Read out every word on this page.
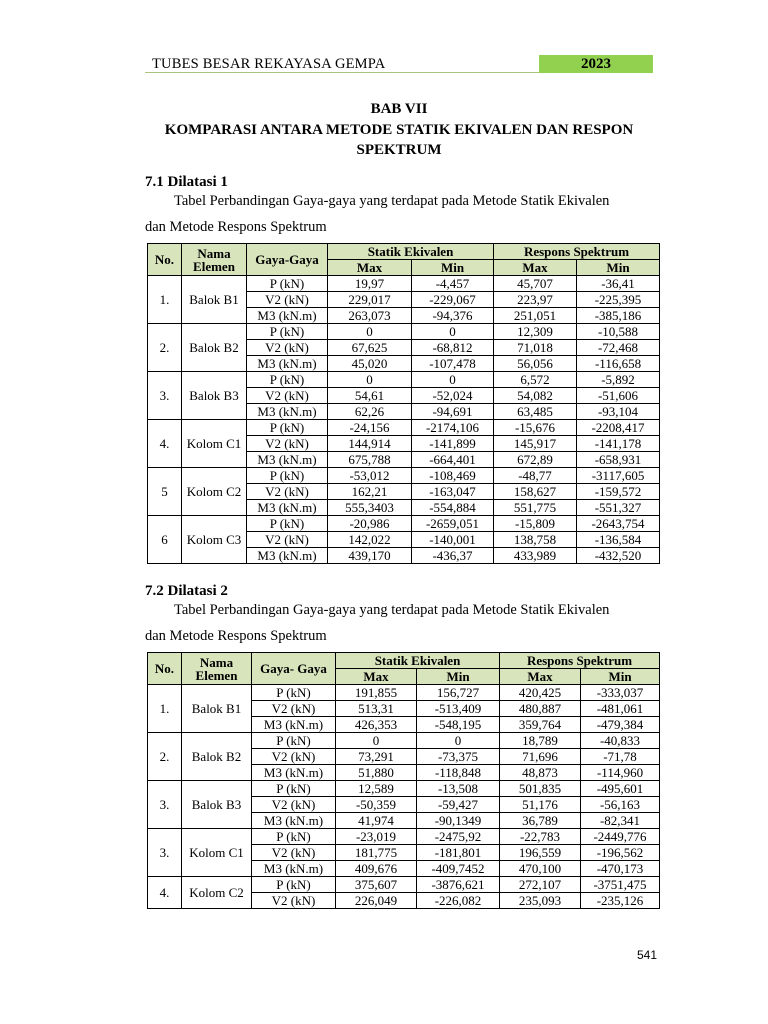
TUBES BESAR REKAYASA GEMPA	2023
BAB VII
KOMPARASI ANTARA METODE STATIK EKIVALEN DAN RESPON
SPEKTRUM
7.1 Dilatasi 1
Tabel Perbandingan Gaya-gaya yang terdapat pada Metode Statik Ekivalen
dan Metode Respons Spektrum
No.	Nama Elemen	Gaya-Gaya	Statik Ekivalen		Respons Spektrum	
			Max	Min	Max	Min
1.	Balok B1	P (kN)	19,97	-4,457	45,707	-36,41
		V2 (kN)	229,017	-229,067	223,97	-225,395
		M3 (kN.m)	263,073	-94,376	251,051	-385,186
2.	Balok B2	P (kN)	0	0	12,309	-10,588
		V2 (kN)	67,625	-68,812	71,018	-72,468
		M3 (kN.m)	45,020	-107,478	56,056	-116,658
3.	Balok B3	P (kN)	0	0	6,572	-5,892
		V2 (kN)	54,61	-52,024	54,082	-51,606
		M3 (kN.m)	62,26	-94,691	63,485	-93,104
4.	Kolom C1	P (kN)	-24,156	-2174,106	-15,676	-2208,417
		V2 (kN)	144,914	-141,899	145,917	-141,178
		M3 (kN.m)	675,788	-664,401	672,89	-658,931
5	Kolom C2	P (kN)	-53,012	-108,469	-48,77	-3117,605
		V2 (kN)	162,21	-163,047	158,627	-159,572
		M3 (kN.m)	555,3403	-554,884	551,775	-551,327
6	Kolom C3	P (kN)	-20,986	-2659,051	-15,809	-2643,754
		V2 (kN)	142,022	-140,001	138,758	-136,584
		M3 (kN.m)	439,170	-436,37	433,989	-432,520
7.2 Dilatasi 2
Tabel Perbandingan Gaya-gaya yang terdapat pada Metode Statik Ekivalen
dan Metode Respons Spektrum
No.	Nama Elemen	Gaya- Gaya	Statik Ekivalen		Respons Spektrum	
			Max	Min	Max	Min
1.	Balok B1	P (kN)	191,855	156,727	420,425	-333,037
		V2 (kN)	513,31	-513,409	480,887	-481,061
		M3 (kN.m)	426,353	-548,195	359,764	-479,384
2.	Balok B2	P (kN)	0	0	18,789	-40,833
		V2 (kN)	73,291	-73,375	71,696	-71,78
		M3 (kN.m)	51,880	-118,848	48,873	-114,960
3.	Balok B3	P (kN)	12,589	-13,508	501,835	-495,601
		V2 (kN)	-50,359	-59,427	51,176	-56,163
		M3 (kN.m)	41,974	-90,1349	36,789	-82,341
3.	Kolom C1	P (kN)	-23,019	-2475,92	-22,783	-2449,776
		V2 (kN)	181,775	-181,801	196,559	-196,562
		M3 (kN.m)	409,676	-409,7452	470,100	-470,173
4.	Kolom C2	P (kN)	375,607	-3876,621	272,107	-3751,475
		V2 (kN)	226,049	-226,082	235,093	-235,126
541
